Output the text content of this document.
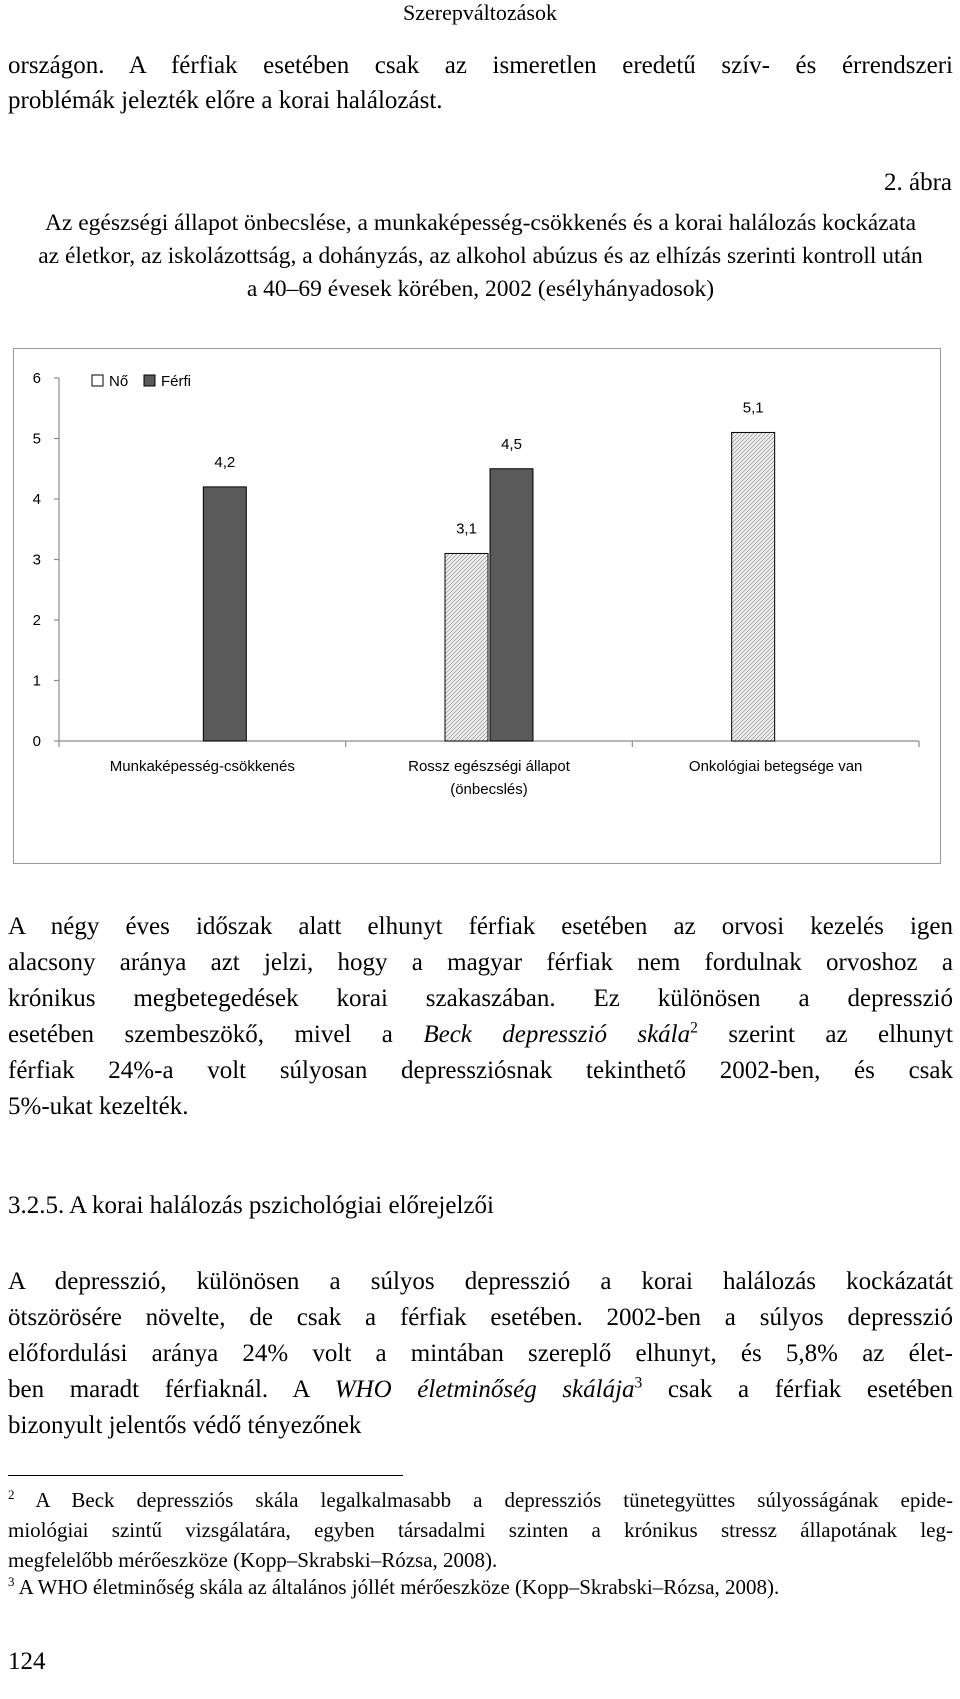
Szerepváltozások
országon. A férfiak esetében csak az ismeretlen eredetű szív- és érrendszeri
problémák jelezték előre a korai halálozást.
2. ábra
Az egészségi állapot önbecslése, a munkaképesség-csökkenés és a korai halálozás kockázata
az életkor, az iskolázottság, a dohányzás, az alkohol abúzus és az elhízás szerinti kontroll után
a 40–69 évesek körében, 2002 (esélyhányadosok)
0
1
2
3
4
5
6
4,2
Munkaképesség-csökkenés
3,1
4,5
Rossz egészségi állapot
(önbecslés)
5,1
Onkológiai betegsége van
Nő Férfi
A négy éves időszak alatt elhunyt férfiak esetében az orvosi kezelés igen
alacsony aránya azt jelzi, hogy a magyar férfiak nem fordulnak orvoshoz a
krónikus megbetegedések korai szakaszában. Ez különösen a depresszió
esetében szembeszökő, mivel a Beck depresszió skála$^2$ szerint az elhunyt
férfiak 24%-a volt súlyosan depressziósnak tekinthető 2002-ben, és csak
5%-ukat kezelték.
3.2.5. A korai halálozás pszichológiai előrejelzői
A depresszió, különösen a súlyos depresszió a korai halálozás kockázatát
ötszörösére növelte, de csak a férfiak esetében. 2002-ben a súlyos depresszió
előfordulási aránya 24% volt a mintában szereplő elhunyt, és 5,8% az élet-
ben maradt férfiaknál. A WHO életminőség skálája$^3$ csak a férfiak esetében
bizonyult jelentős védő tényezőnek
$^2$ A Beck depressziós skála legalkalmasabb a depressziós tünetegyüttes súlyosságának epide-
miológiai szintű vizsgálatára, egyben társadalmi szinten a krónikus stressz állapotának leg-
megfelelőbb mérőeszköze (Kopp–Skrabski–Rózsa, 2008).
$^3$ A WHO életminőség skála az általános jóllét mérőeszköze (Kopp–Skrabski–Rózsa, 2008).
124
